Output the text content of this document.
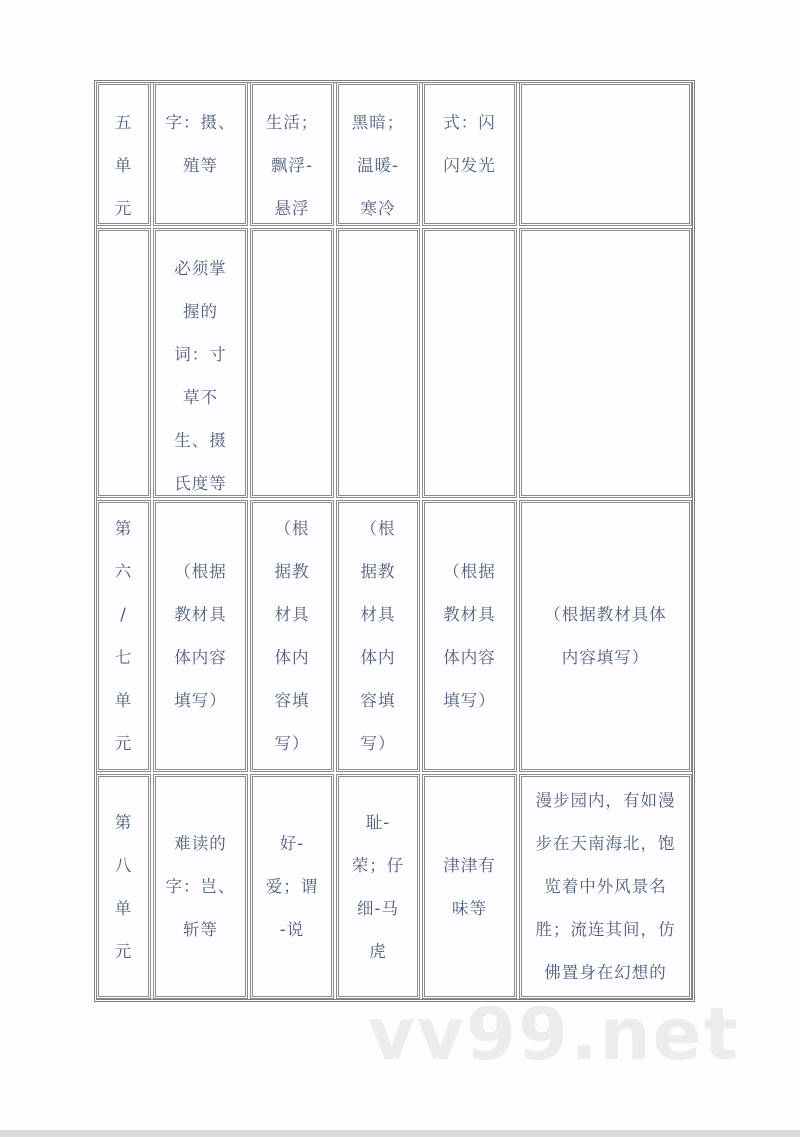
五
单
元
字：摄、
殖等
生活；
飘浮-
悬浮
黑暗；
温暖-
寒冷
式：闪
闪发光
必须掌
握的
词：寸
草不
生、摄
氏度等
第
六
/
七
单
元
（根据
教材具
体内容
填写）
（根
据教
材具
体内
容填
写）
（根
据教
材具
体内
容填
写）
（根据
教材具
体内容
填写）
（根据教材具体
内容填写）
第
八
单
元
难读的
字：岂、
斩等
好-
爱；谓
-说
耻-
荣；仔
细-马
虎
津津有
味等
漫步园内，有如漫
步在天南海北，饱
览着中外风景名
胜；流连其间，仿
佛置身在幻想的
vv99.net
